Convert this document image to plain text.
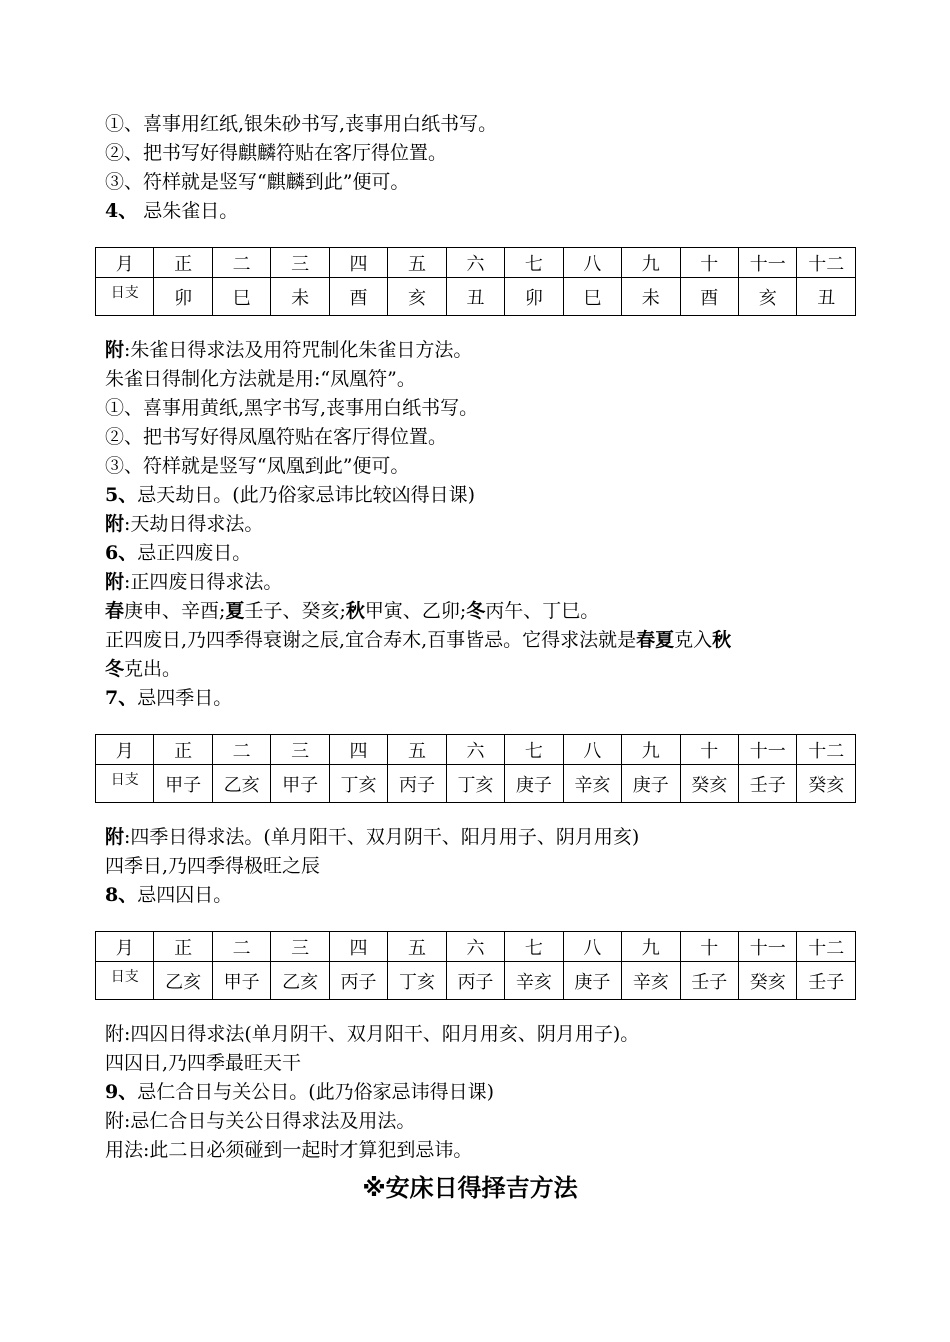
①、喜事用红纸,银朱砂书写,丧事用白纸书写。
②、把书写好得麒麟符贴在客厅得位置。
③、符样就是竖写“麒麟到此”便可。
4、 忌朱雀日。
月	正	二	三	四	五	六	七	八	九	十	十一	十二
日支	卯	巳	未	酉	亥	丑	卯	巳	未	酉	亥	丑
附:朱雀日得求法及用符咒制化朱雀日方法。
朱雀日得制化方法就是用:“凤凰符”。
①、喜事用黄纸,黑字书写,丧事用白纸书写。
②、把书写好得凤凰符贴在客厅得位置。
③、符样就是竖写“凤凰到此”便可。
5、忌天劫日。(此乃俗家忌讳比较凶得日课)
附:天劫日得求法。
6、忌正四废日。
附:正四废日得求法。
春庚申、辛酉;夏壬子、癸亥;秋甲寅、乙卯;冬丙午、丁巳。
正四废日,乃四季得衰谢之辰,宜合寿木,百事皆忌。它得求法就是春夏克入秋
冬克出。
7、忌四季日。
月	正	二	三	四	五	六	七	八	九	十	十一	十二
日支	甲子	乙亥	甲子	丁亥	丙子	丁亥	庚子	辛亥	庚子	癸亥	壬子	癸亥
附:四季日得求法。(单月阳干、双月阴干、阳月用子、阴月用亥)
四季日,乃四季得极旺之辰
8、忌四囚日。
月	正	二	三	四	五	六	七	八	九	十	十一	十二
日支	乙亥	甲子	乙亥	丙子	丁亥	丙子	辛亥	庚子	辛亥	壬子	癸亥	壬子
附:四囚日得求法(单月阴干、双月阳干、阳月用亥、阴月用子)。
四囚日,乃四季最旺天干
9、忌仁合日与关公日。(此乃俗家忌讳得日课)
附:忌仁合日与关公日得求法及用法。
用法:此二日必须碰到一起时才算犯到忌讳。
※安床日得择吉方法
